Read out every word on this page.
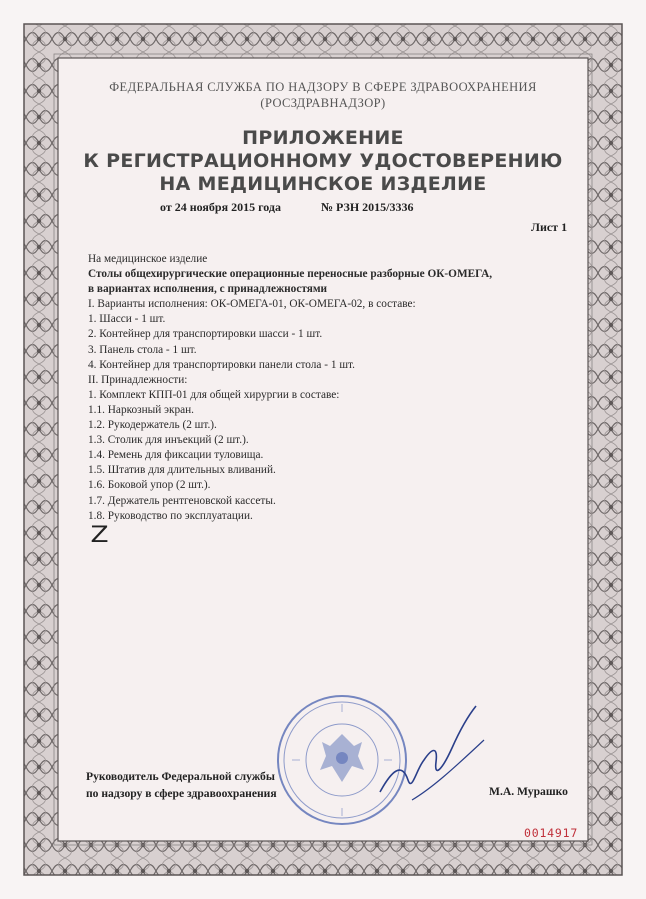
ФЕДЕРАЛЬНАЯ СЛУЖБА ПО НАДЗОРУ В СФЕРЕ ЗДРАВООХРАНЕНИЯ
(РОСЗДРАВНАДЗОР)
ПРИЛОЖЕНИЕ
К РЕГИСТРАЦИОННОМУ УДОСТОВЕРЕНИЮ
НА МЕДИЦИНСКОЕ ИЗДЕЛИЕ
от 24 ноября 2015 года	№ РЗН 2015/3336
Лист 1
На медицинское изделие
Столы общехирургические операционные переносные разборные ОК-ОМЕГА,
в вариантах исполнения, с принадлежностями
I. Варианты исполнения: ОК-ОМЕГА-01, ОК-ОМЕГА-02, в составе:
1. Шасси - 1 шт.
2. Контейнер для транспортировки шасси - 1 шт.
3. Панель стола - 1 шт.
4. Контейнер для транспортировки панели стола - 1 шт.
II. Принадлежности:
1. Комплект КПП-01 для общей хирургии в составе:
1.1. Наркозный экран.
1.2. Рукодержатель (2 шт.).
1.3. Столик для инъекций (2 шт.).
1.4. Ремень для фиксации туловища.
1.5. Штатив для длительных вливаний.
1.6. Боковой упор (2 шт.).
1.7. Держатель рентгеновской кассеты.
1.8. Руководство по эксплуатации.
Z
Руководитель Федеральной службы
по надзору в сфере здравоохранения	М.А. Мурашко
0014917
